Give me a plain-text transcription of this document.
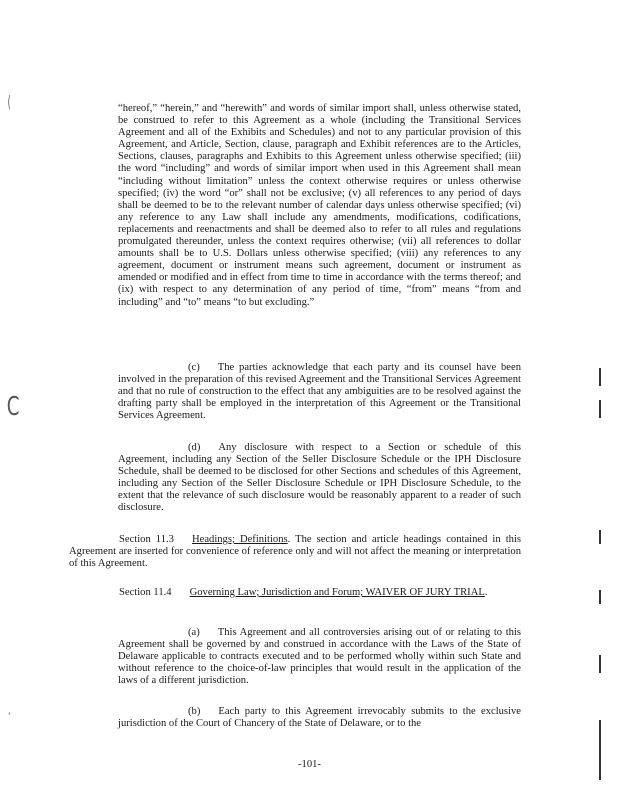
(
C
‘

“hereof,” “herein,” and “herewith” and words of similar import shall, unless otherwise stated, be construed to refer to this Agreement as a whole (including the Transitional Services Agreement and all of the Exhibits and Schedules) and not to any particular provision of this Agreement, and Article, Section, clause, paragraph and Exhibit references are to the Articles, Sections, clauses, paragraphs and Exhibits to this Agreement unless otherwise specified; (iii) the word “including” and words of similar import when used in this Agreement shall mean “including without limitation” unless the context otherwise requires or unless otherwise specified; (iv) the word “or” shall not be exclusive; (v) all references to any period of days shall be deemed to be to the relevant number of calendar days unless otherwise specified; (vi) any reference to any Law shall include any amendments, modifications, codifications, replacements and reenactments and shall be deemed also to refer to all rules and regulations promulgated thereunder, unless the context requires otherwise; (vii) all references to dollar amounts shall be to U.S. Dollars unless otherwise specified; (viii) any references to any agreement, document or instrument means such agreement, document or instrument as amended or modified and in effect from time to time in accordance with the terms thereof; and (ix) with respect to any determination of any period of time, “from” means “from and including” and “to” means “to but excluding.”

(c) The parties acknowledge that each party and its counsel have been involved in the preparation of this revised Agreement and the Transitional Services Agreement and that no rule of construction to the effect that any ambiguities are to be resolved against the drafting party shall be employed in the interpretation of this Agreement or the Transitional Services Agreement.

(d) Any disclosure with respect to a Section or schedule of this Agreement, including any Section of the Seller Disclosure Schedule or the IPH Disclosure Schedule, shall be deemed to be disclosed for other Sections and schedules of this Agreement, including any Section of the Seller Disclosure Schedule or IPH Disclosure Schedule, to the extent that the relevance of such disclosure would be reasonably apparent to a reader of such disclosure.

Section 11.3 Headings; Definitions. The section and article headings contained in this Agreement are inserted for convenience of reference only and will not affect the meaning or interpretation of this Agreement.

Section 11.4 Governing Law; Jurisdiction and Forum; WAIVER OF JURY TRIAL.

(a) This Agreement and all controversies arising out of or relating to this Agreement shall be governed by and construed in accordance with the Laws of the State of Delaware applicable to contracts executed and to be performed wholly within such State and without reference to the choice-of-law principles that would result in the application of the laws of a different jurisdiction.

(b) Each party to this Agreement irrevocably submits to the exclusive jurisdiction of the Court of Chancery of the State of Delaware, or to the

-101-
